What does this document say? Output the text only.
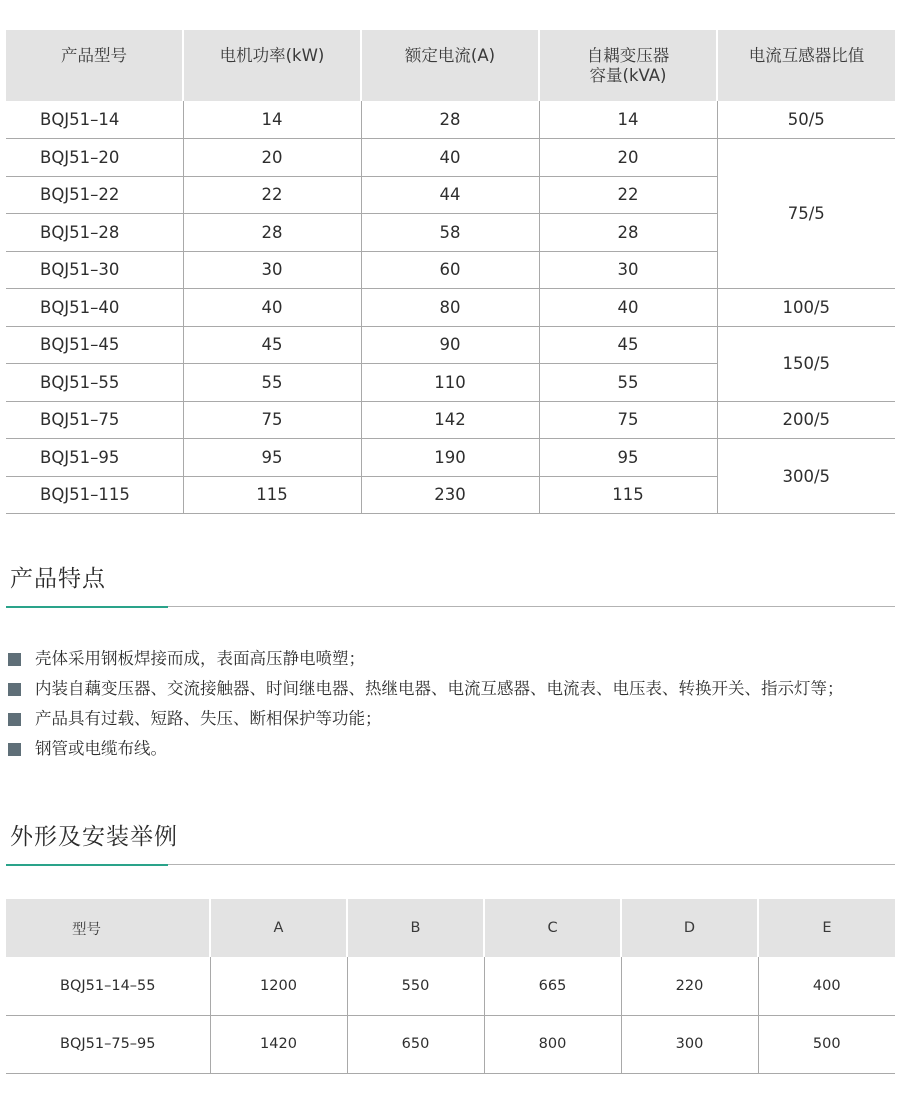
产品型号	电机功率(kW)	额定电流(A)	自耦变压器
容量(kVA)	电流互感器比值
BQJ51–14	14	28	14	50/5
BQJ51–20	20	40	20	75/5
BQJ51–22	22	44	22	
BQJ51–28	28	58	28	
BQJ51–30	30	60	30	
BQJ51–40	40	80	40	100/5
BQJ51–45	45	90	45	150/5
BQJ51–55	55	110	55	
BQJ51–75	75	142	75	200/5
BQJ51–95	95	190	95	300/5
BQJ51–115	115	230	115	
产品特点
壳体采用钢板焊接而成，表面高压静电喷塑；
内装自藕变压器、交流接触器、时间继电器、热继电器、电流互感器、电流表、电压表、转换开关、指示灯等；
产品具有过载、短路、失压、断相保护等功能；
钢管或电缆布线。
外形及安装举例
型号	A	B	C	D	E
BQJ51–14–55	1200	550	665	220	400
BQJ51–75–95	1420	650	800	300	500
